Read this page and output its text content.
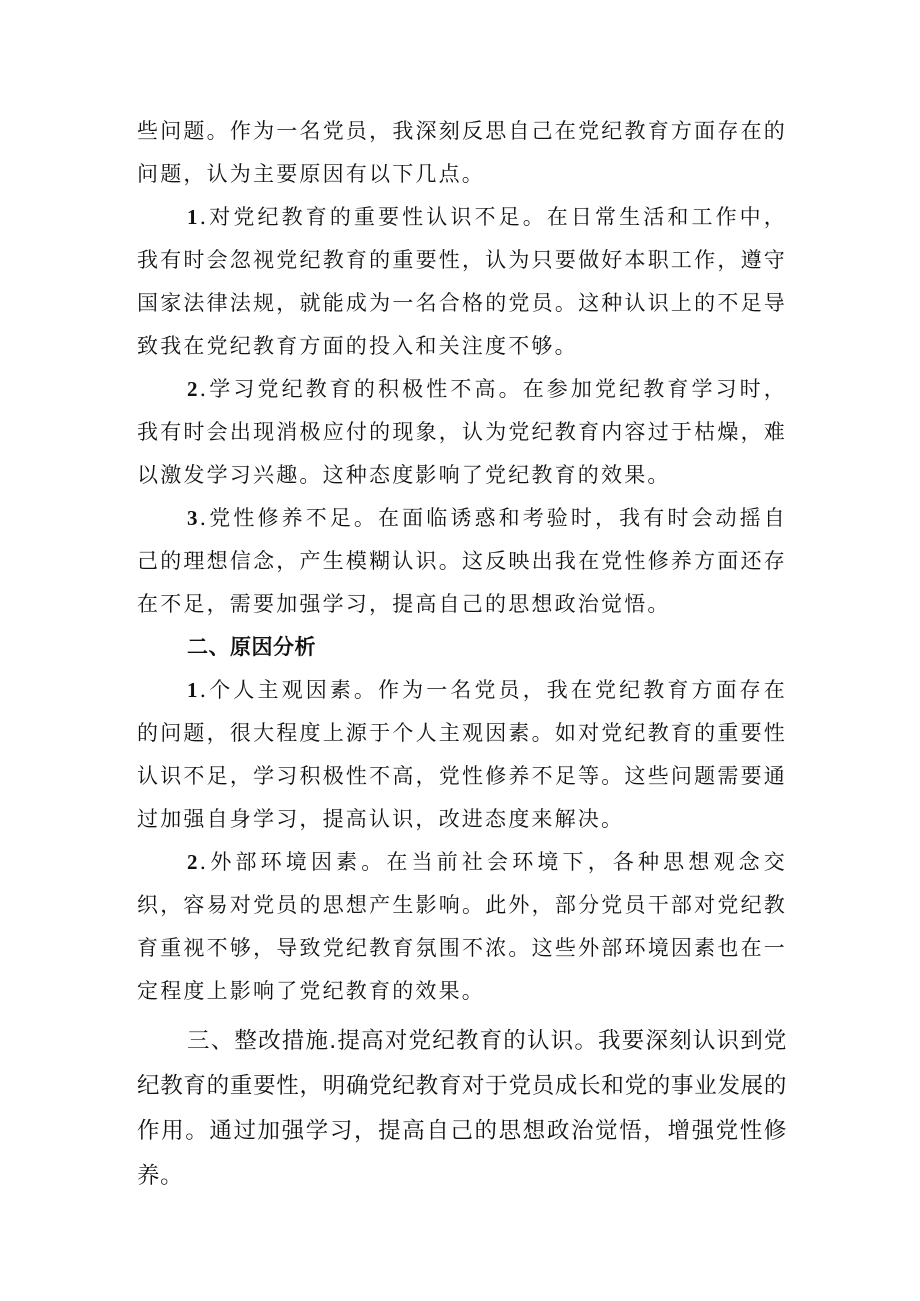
些问题。作为一名党员，我深刻反思自己在党纪教育方面存在的问题，认为主要原因有以下几点。

1.对党纪教育的重要性认识不足。在日常生活和工作中，我有时会忽视党纪教育的重要性，认为只要做好本职工作，遵守国家法律法规，就能成为一名合格的党员。这种认识上的不足导致我在党纪教育方面的投入和关注度不够。

2.学习党纪教育的积极性不高。在参加党纪教育学习时，我有时会出现消极应付的现象，认为党纪教育内容过于枯燥，难以激发学习兴趣。这种态度影响了党纪教育的效果。

3.党性修养不足。在面临诱惑和考验时，我有时会动摇自己的理想信念，产生模糊认识。这反映出我在党性修养方面还存在不足，需要加强学习，提高自己的思想政治觉悟。

二、原因分析

1.个人主观因素。作为一名党员，我在党纪教育方面存在的问题，很大程度上源于个人主观因素。如对党纪教育的重要性认识不足，学习积极性不高，党性修养不足等。这些问题需要通过加强自身学习，提高认识，改进态度来解决。

2.外部环境因素。在当前社会环境下，各种思想观念交织，容易对党员的思想产生影响。此外，部分党员干部对党纪教育重视不够，导致党纪教育氛围不浓。这些外部环境因素也在一定程度上影响了党纪教育的效果。

三、整改措施.提高对党纪教育的认识。我要深刻认识到党纪教育的重要性，明确党纪教育对于党员成长和党的事业发展的作用。通过加强学习，提高自己的思想政治觉悟，增强党性修养。
